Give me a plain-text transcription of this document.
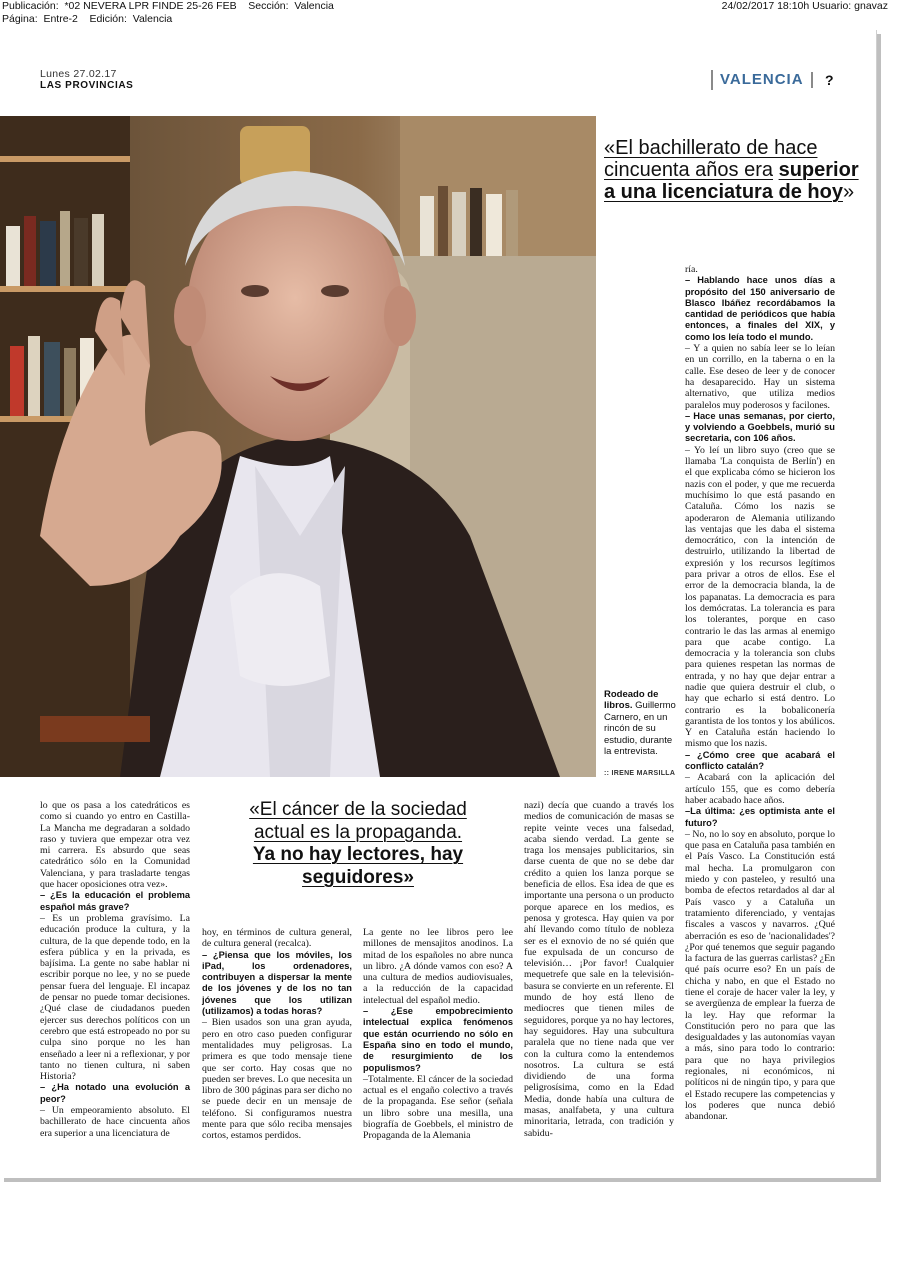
Publicación:  *02 NEVERA LPR FINDE 25-26 FEB    Sección:  Valencia
Página:  Entre-2    Edición:  Valencia
24/02/2017 18:10h Usuario: gnavaz
Lunes 27.02.17
LAS PROVINCIAS	VALENCIA ?
«El bachillerato de hace cincuenta años era superior a una licenciatura de hoy»
«El cáncer de la sociedad actual es la propaganda.
Ya no hay lectores, hay seguidores»
Rodeado de libros. Guillermo Carnero, en un rincón de su estudio, durante la entrevista.
:: IRENE MARSILLA

lo que os pasa a los catedráticos es como si cuando yo entro en Castilla-La Mancha me degradaran a soldado raso y tuviera que empezar otra vez mi carrera. Es absurdo que seas catedrático sólo en la Comunidad Valenciana, y para trasladarte tengas que hacer oposiciones otra vez».

– ¿Es la educación el problema español más grave?

– Es un problema gravísimo. La educación produce la cultura, y la cultura, de la que depende todo, en la esfera pública y en la privada, es bajísima. La gente no sabe hablar ni escribir porque no lee, y no se puede pensar fuera del lenguaje. El incapaz de pensar no puede tomar decisiones. ¿Qué clase de ciudadanos pueden ejercer sus derechos políticos con un cerebro que está estropeado no por su culpa sino porque no les han enseñado a leer ni a reflexionar, y por tanto no tienen cultura, ni saben Historia?

– ¿Ha notado una evolución a peor?

– Un empeoramiento absoluto. El bachillerato de hace cincuenta años era superior a una licenciatura de

hoy, en términos de cultura general, de cultura general (recalca).

– ¿Piensa que los móviles, los iPad, los ordenadores, contribuyen a dispersar la mente de los jóvenes y de los no tan jóvenes que los utilizan (utilizamos) a todas horas?

– Bien usados son una gran ayuda, pero en otro caso pueden configurar mentalidades muy peligrosas. La primera es que todo mensaje tiene que ser corto. Hay cosas que no pueden ser breves. Lo que necesita un libro de 300 páginas para ser dicho no se puede decir en un mensaje de teléfono. Si configuramos nuestra mente para que sólo reciba mensajes cortos, estamos perdidos.

La gente no lee libros pero lee millones de mensajitos anodinos. La mitad de los españoles no abre nunca un libro. ¿A dónde vamos con eso? A una cultura de medios audiovisuales, a la reducción de la capacidad intelectual del español medio.

– ¿Ese empobrecimiento intelectual explica fenómenos que están ocurriendo no sólo en España sino en todo el mundo, de resurgimiento de los populismos?

–Totalmente. El cáncer de la sociedad actual es el engaño colectivo a través de la propaganda. Ese señor (señala un libro sobre una mesilla, una biografía de Goebbels, el ministro de Propaganda de la Alemania

nazi) decía que cuando a través los medios de comunicación de masas se repite veinte veces una falsedad, acaba siendo verdad. La gente se traga los mensajes publicitarios, sin darse cuenta de que no se debe dar crédito a quien los lanza porque se beneficia de ellos. Esa idea de que es importante una persona o un producto porque aparece en los medios, es penosa y grotesca. Hay quien va por ahí llevando como título de nobleza ser es el exnovio de no sé quién que fue expulsada de un concurso de televisión… ¡Por favor! Cualquier mequetrefe que sale en la televisión-basura se convierte en un referente. El mundo de hoy está lleno de mediocres que tienen miles de seguidores, porque ya no hay lectores, hay seguidores. Hay una subcultura paralela que no tiene nada que ver con la cultura como la entendemos nosotros. La cultura se está dividiendo de una forma peligrosísima, como en la Edad Media, donde había una cultura de masas, analfabeta, y una cultura minoritaria, letrada, con tradición y sabidu-

ría.

– Hablando hace unos días a propósito del 150 aniversario de Blasco Ibáñez recordábamos la cantidad de periódicos que había entonces, a finales del XIX, y como los leía todo el mundo.

– Y a quien no sabía leer se lo leían en un corrillo, en la taberna o en la calle. Ese deseo de leer y de conocer ha desaparecido. Hay un sistema alternativo, que utiliza medios paralelos muy poderosos y facilones.

– Hace unas semanas, por cierto, y volviendo a Goebbels, murió su secretaria, con 106 años.

– Yo leí un libro suyo (creo que se llamaba 'La conquista de Berlín') en el que explicaba cómo se hicieron los nazis con el poder, y que me recuerda muchísimo lo que está pasando en Cataluña. Cómo los nazis se apoderaron de Alemania utilizando las ventajas que les daba el sistema democrático, con la intención de destruirlo, utilizando la libertad de expresión y los recursos legítimos para privar a otros de ellos. Ese el error de la democracia blanda, la de los papanatas. La democracia es para los demócratas. La tolerancia es para los tolerantes, porque en caso contrario le das las armas al enemigo para que acabe contigo. La democracia y la tolerancia son clubs para quienes respetan las normas de entrada, y no hay que dejar entrar a nadie que quiera destruir el club, o hay que echarlo si está dentro. Lo contrario es la bobaliconería garantista de los tontos y los abúlicos. Y en Cataluña están haciendo lo mismo que los nazis.

– ¿Cómo cree que acabará el conflicto catalán?

– Acabará con la aplicación del artículo 155, que es como debería haber acabado hace años.

–La última: ¿es optimista ante el futuro?

– No, no lo soy en absoluto, porque lo que pasa en Cataluña pasa también en el País Vasco. La Constitución está mal hecha. La promulgaron con miedo y con pasteleo, y resultó una bomba de efectos retardados al dar al País vasco y a Cataluña un tratamiento diferenciado, y ventajas fiscales a vascos y navarros. ¿Qué aberración es eso de 'nacionalidades'? ¿Por qué tenemos que seguir pagando la factura de las guerras carlistas? ¿En qué país ocurre eso? En un país de chicha y nabo, en que el Estado no tiene el coraje de hacer valer la ley, y se avergüenza de emplear la fuerza de la ley. Hay que reformar la Constitución pero no para que las desigualdades y las autonomías vayan a más, sino para todo lo contrario: para que no haya privilegios regionales, ni económicos, ni políticos ni de ningún tipo, y para que el Estado recupere las competencias y los poderes que nunca debió abandonar.
